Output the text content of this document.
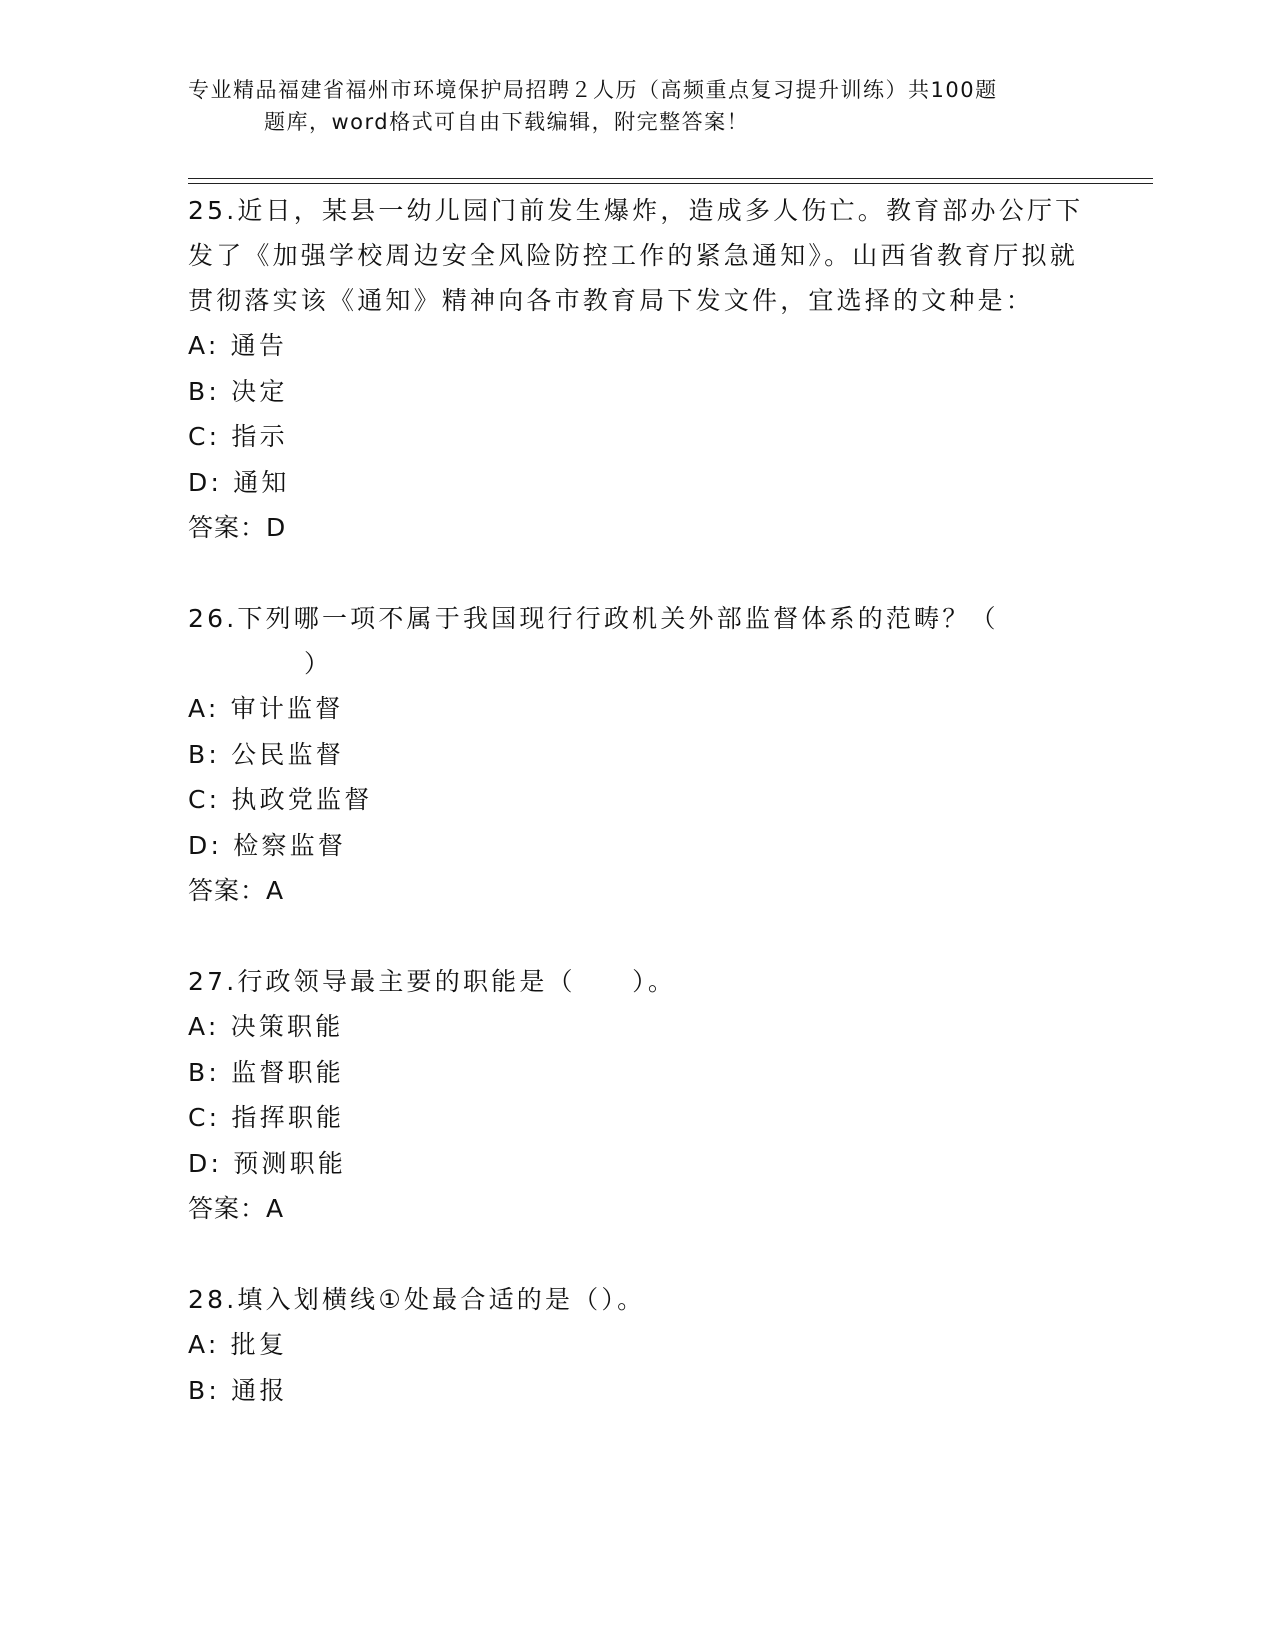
专业精品福建省福州市环境保护局招聘２人历（高频重点复习提升训练）共100题
题库，word格式可自由下载编辑，附完整答案！

25.近日，某县一幼儿园门前发生爆炸，造成多人伤亡。教育部办公厅下发了《加强学校周边安全风险防控工作的紧急通知》。山西省教育厅拟就贯彻落实该《通知》精神向各市教育局下发文件，宜选择的文种是：

A: 通告

B: 决定

C: 指示

D: 通知

答案：D

26.下列哪一项不属于我国现行行政机关外部监督体系的范畴？（
）

A: 审计监督

B: 公民监督

C: 执政党监督

D: 检察监督

答案：A

27.行政领导最主要的职能是（　　）。

A: 决策职能

B: 监督职能

C: 指挥职能

D: 预测职能

答案：A

28.填入划横线①处最合适的是（）。

A: 批复

B: 通报
